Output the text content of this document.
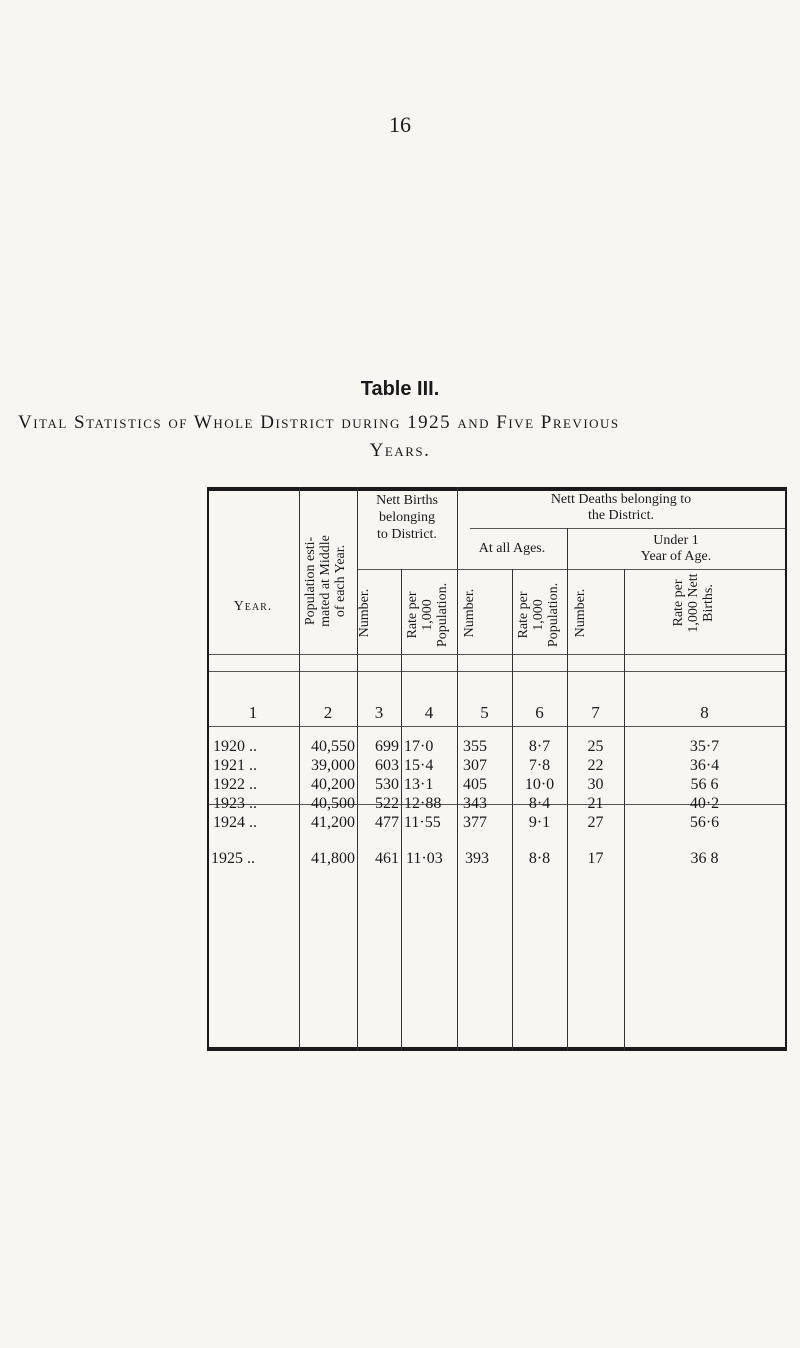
16
Table III.
Vital Statistics of Whole District during 1925 and Five Previous
Years.
Year.	Population esti-
mated at Middle
of each Year.
Nett Births
belonging
to District.
Nett Deaths belonging to
the District.
At all Ages.
Under 1
Year of Age.
Number.	Rate per
1,000
Population. Number.	Rate per
1,000
Population. Number.	Rate per
1,000 Nett
Births.
1	2	3	4	5	6	7	8
1920 ..	40,550	699 17·0	355	8·7	25	35·7
1921 ..	39,000	603 15·4	307	7·8	22	36·4
1922 ..	40,200	530 13·1	405	10·0	30	56 6
1923 ..	40,500	522 12·88	343	8·4	21	40·2
1924 ..	41,200	477 11·55	377	9·1	27	56·6
1925 ..	41,800	461 11·03	393	8·8	17	36 8
